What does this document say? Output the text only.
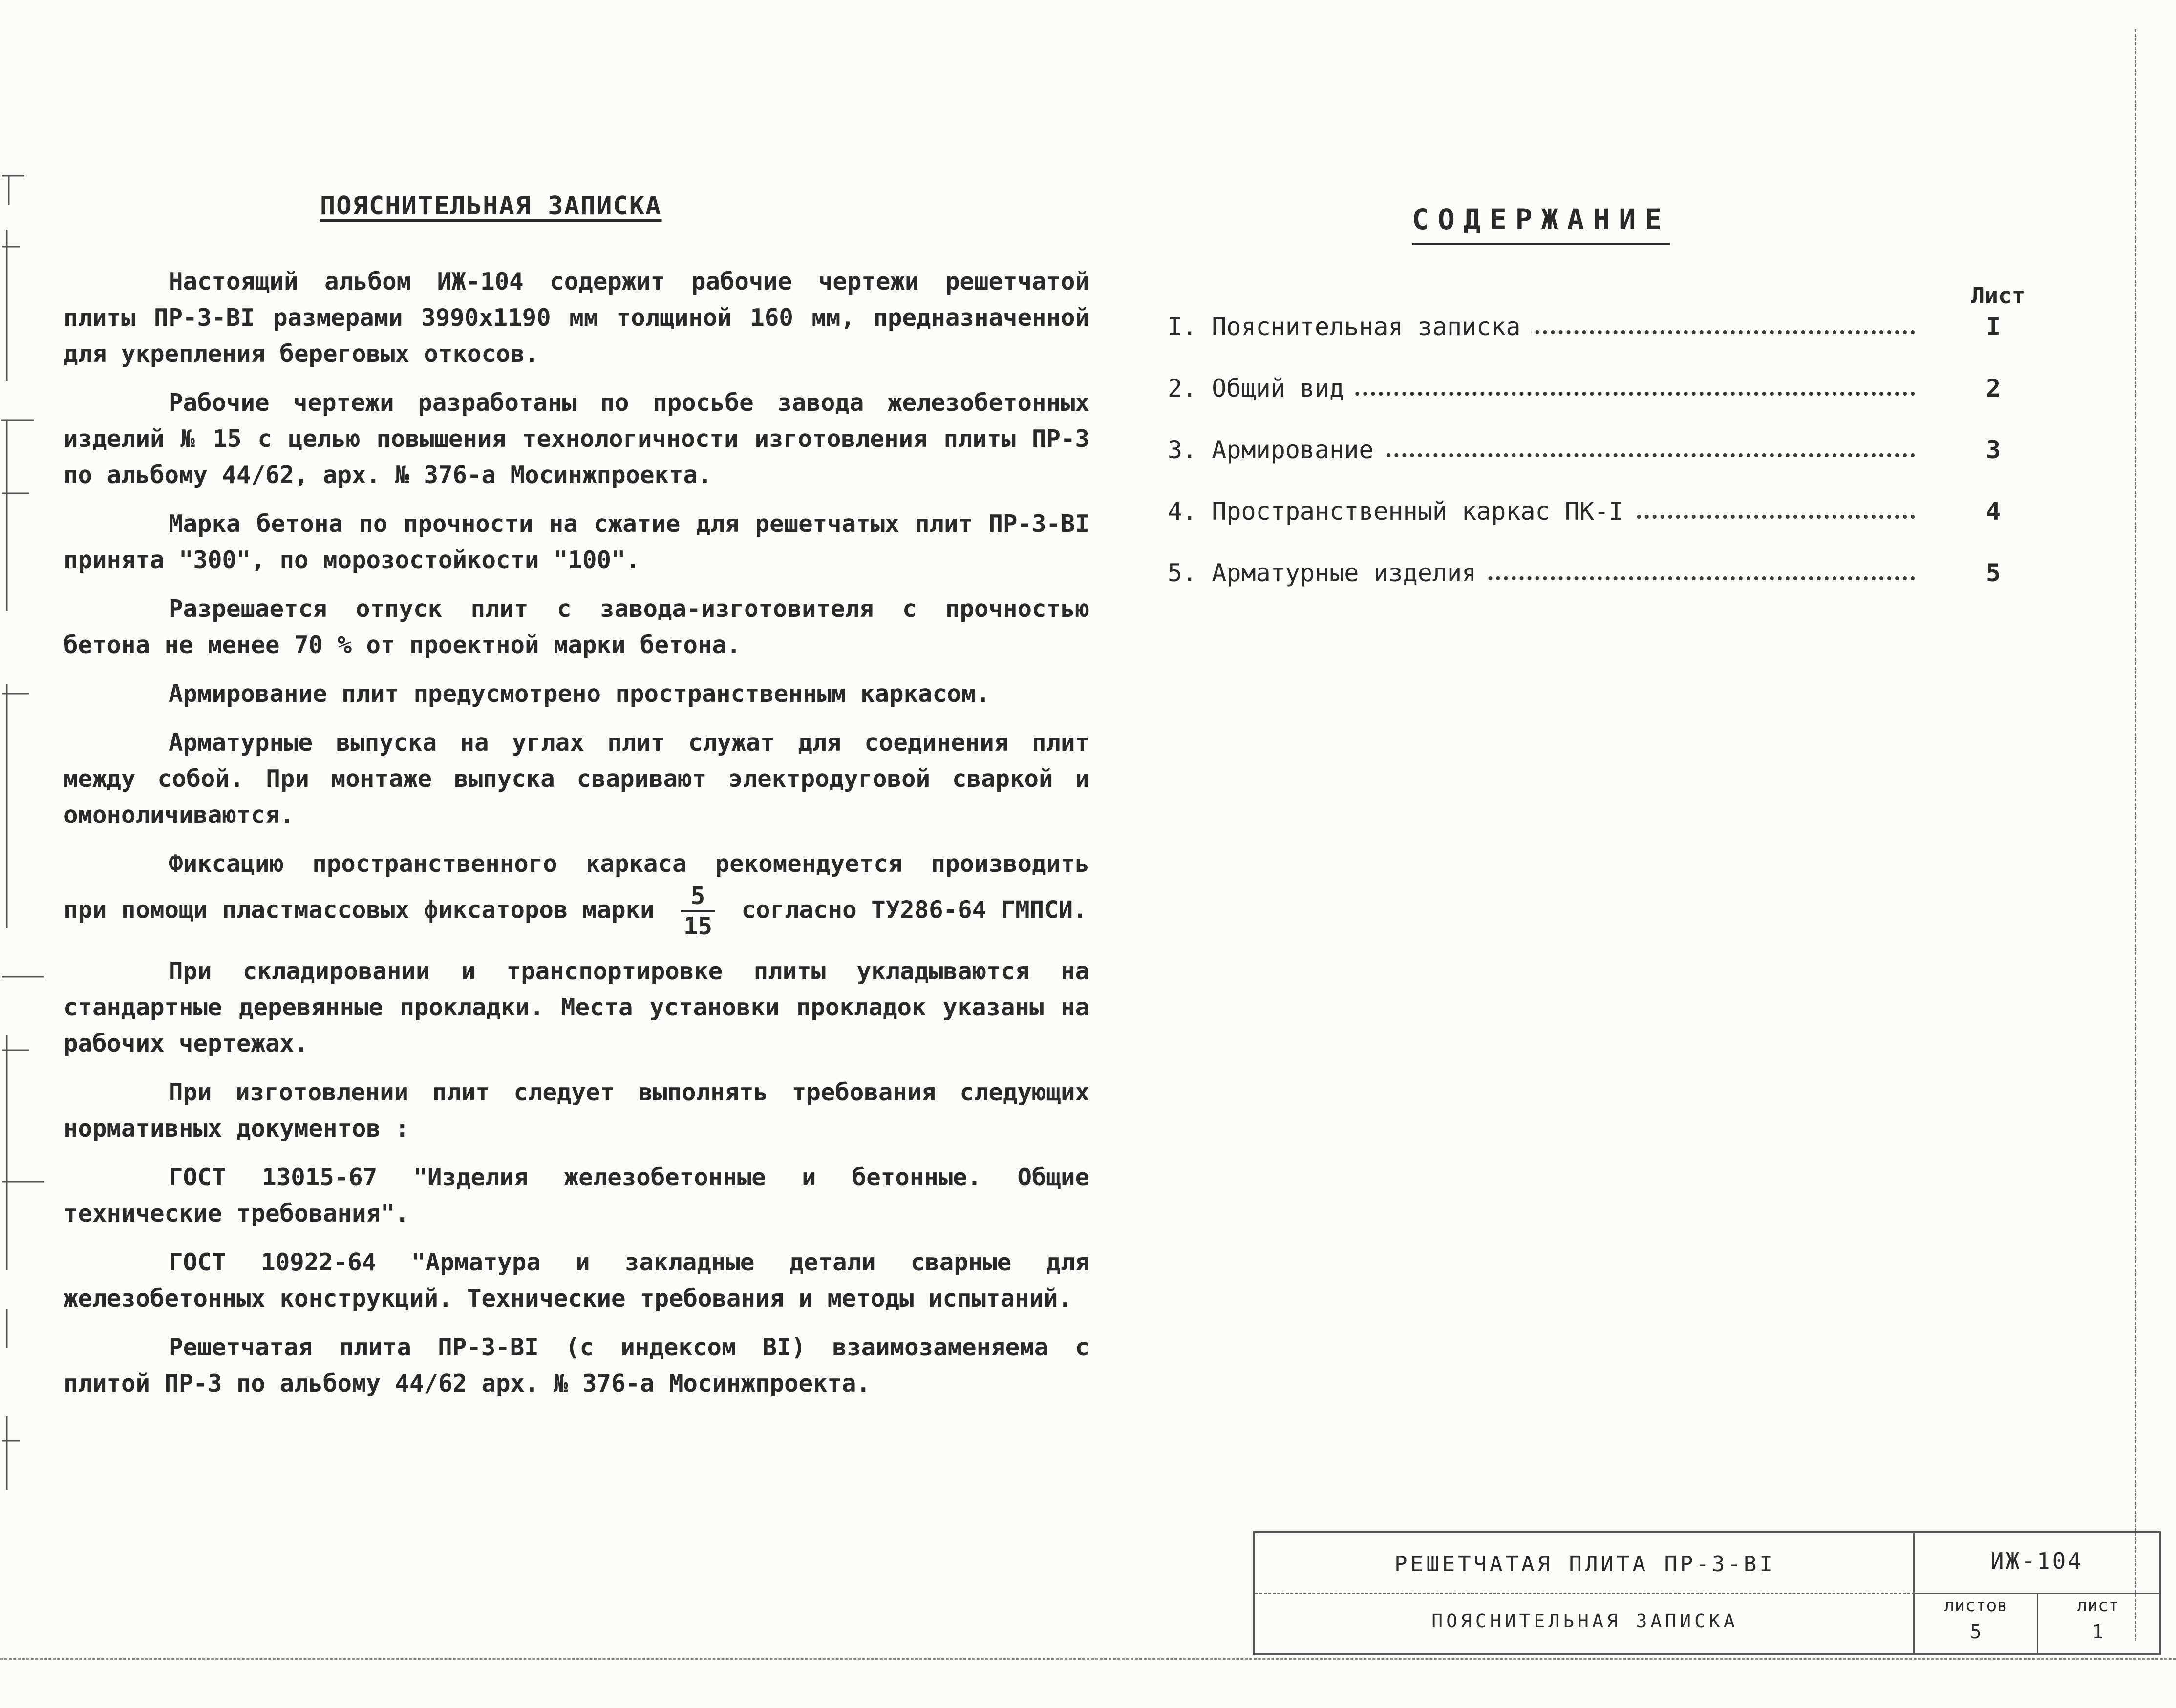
ПОЯСНИТЕЛЬНАЯ ЗАПИСКА

Настоящий альбом ИЖ-104 содержит рабочие чертежи решетчатой плиты ПР-3-ВI размерами 3990х1190 мм толщиной 160 мм, предназначенной для укрепления береговых откосов.

Рабочие чертежи разработаны по просьбе завода железобетонных изделий № 15 с целью повышения технологичности изготовления плиты ПР-3 по альбому 44/62, арх. № 376-а Мосинжпроекта.

Марка бетона по прочности на сжатие для решетчатых плит ПР-3-ВI принята "300", по морозостойкости "100".

Разрешается отпуск плит с завода-изготовителя с прочностью бетона не менее 70 % от проектной марки бетона.

Армирование плит предусмотрено пространственным каркасом.

Арматурные выпуска на углах плит служат для соединения плит между собой. При монтаже выпуска сваривают электродуговой сваркой и омоноличиваются.

Фиксацию пространственного каркаса рекомендуется производить при помощи пластмассовых фиксаторов марки $\frac{5}{15}$ согласно ТУ286-64 ГМПСИ.

При складировании и транспортировке плиты укладываются на стандартные деревянные прокладки. Места установки прокладок указаны на рабочих чертежах.

При изготовлении плит следует выполнять требования следующих нормативных документов :

ГОСТ 13015-67 "Изделия железобетонные и бетонные. Общие технические требования".

ГОСТ 10922-64 "Арматура и закладные детали сварные для железобетонных конструкций. Технические требования и методы испытаний.

Решетчатая плита ПР-3-ВI (с индексом ВI) взаимозаменяема с плитой ПР-3 по альбому 44/62 арх. № 376-а Мосинжпроекта.

СОДЕРЖАНИЕ
Лист
I. Пояснительная записка	I
2. Общий вид	2
3. Армирование	3
4. Пространственный каркас ПК-I	4
5. Арматурные изделия	5
РЕШЕТЧАТАЯ ПЛИТА ПР-3-ВI
ПОЯСНИТЕЛЬНАЯ ЗАПИСКА
ИЖ-104
листов
5
лист
1
